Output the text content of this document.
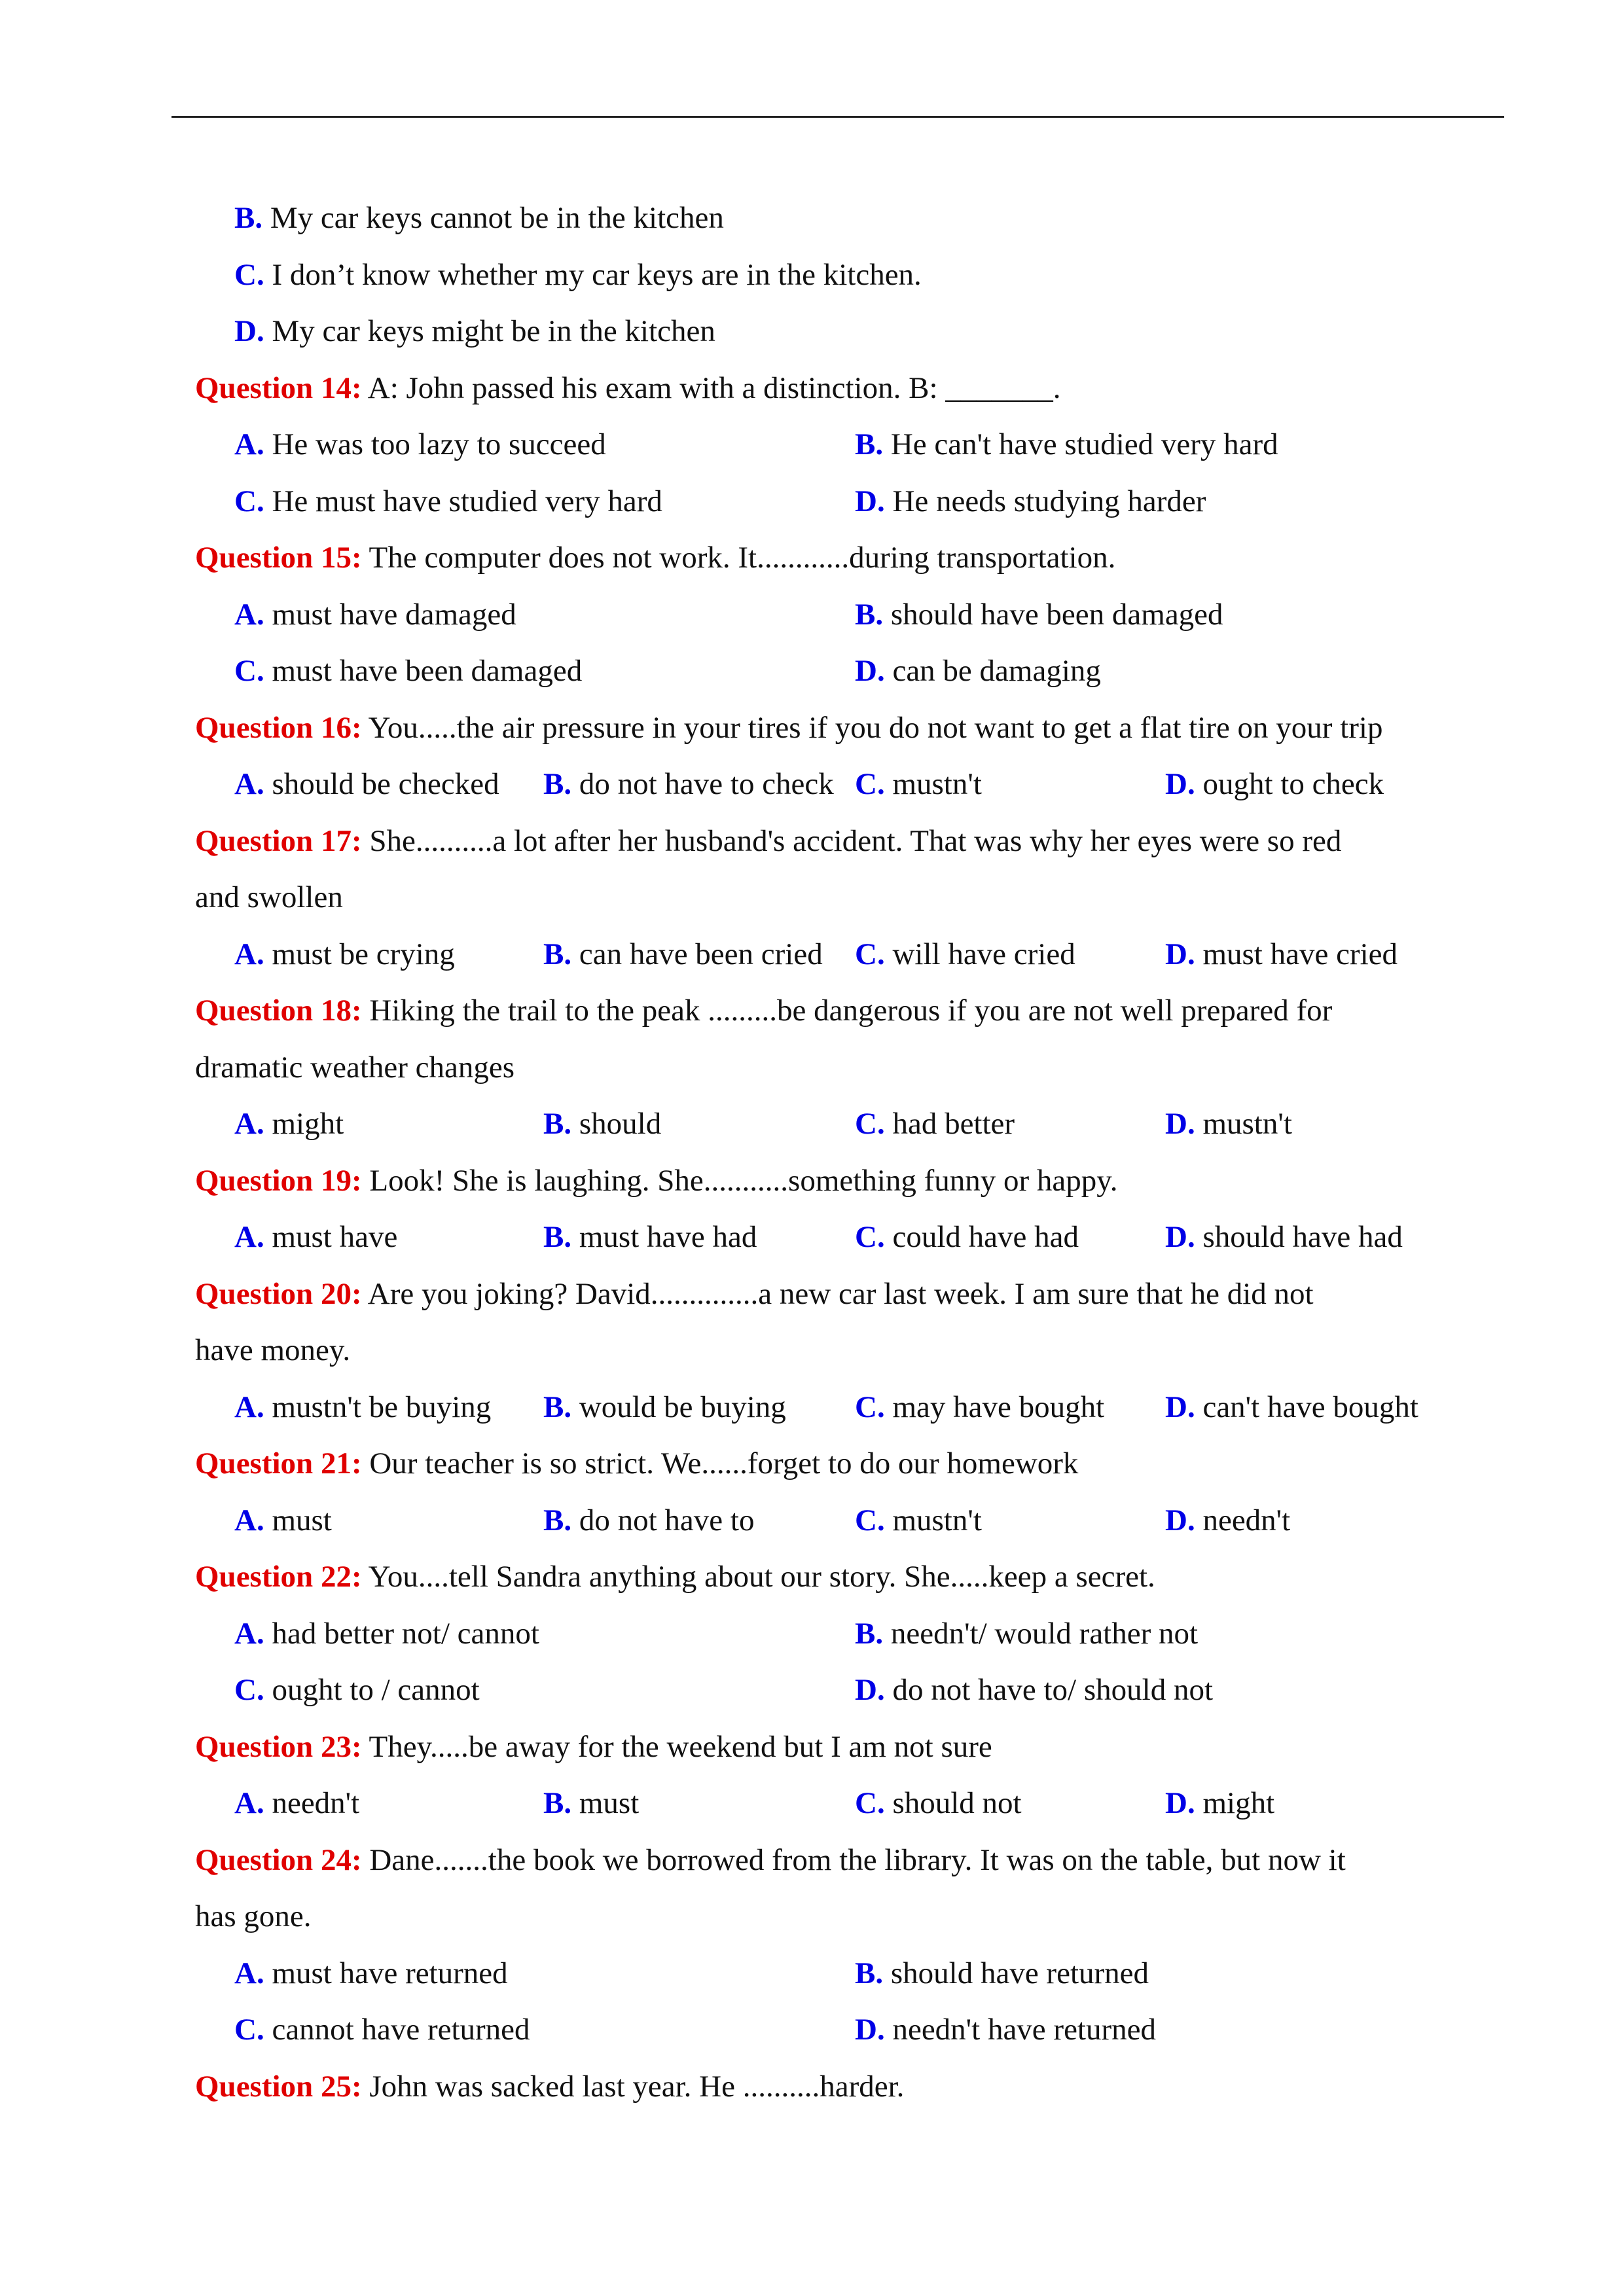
B. My car keys cannot be in the kitchen
C. I don’t know whether my car keys are in the kitchen.
D. My car keys might be in the kitchen
Question 14: A: John passed his exam with a distinction. B: _______.
A. He was too lazy to succeed	B. He can't have studied very hard
C. He must have studied very hard	D. He needs studying harder
Question 15: The computer does not work. It............during transportation.
A. must have damaged	B. should have been damaged
C. must have been damaged	D. can be damaging
Question 16: You.....the air pressure in your tires if you do not want to get a flat tire on your trip
A. should be checked B. do not have to check C. mustn't	D. ought to check
Question 17: She..........a lot after her husband's accident. That was why her eyes were so red
and swollen
A. must be crying	B. can have been cried C. will have cried	D. must have cried
Question 18: Hiking the trail to the peak .........be dangerous if you are not well prepared for
dramatic weather changes
A. might	B. should	C. had better	D. mustn't
Question 19: Look! She is laughing. She...........something funny or happy.
A. must have	B. must have had	C. could have had	D. should have had
Question 20: Are you joking? David..............a new car last week. I am sure that he did not
have money.
A. mustn't be buying B. would be buying C. may have bought D. can't have bought
Question 21: Our teacher is so strict. We......forget to do our homework
A. must	B. do not have to	C. mustn't	D. needn't
Question 22: You....tell Sandra anything about our story. She.....keep a secret.
A. had better not/ cannot	B. needn't/ would rather not
C. ought to / cannot	D. do not have to/ should not
Question 23: They.....be away for the weekend but I am not sure
A. needn't	B. must	C. should not	D. might
Question 24: Dane.......the book we borrowed from the library. It was on the table, but now it
has gone.
A. must have returned	B. should have returned
C. cannot have returned	D. needn't have returned
Question 25: John was sacked last year. He ..........harder.
